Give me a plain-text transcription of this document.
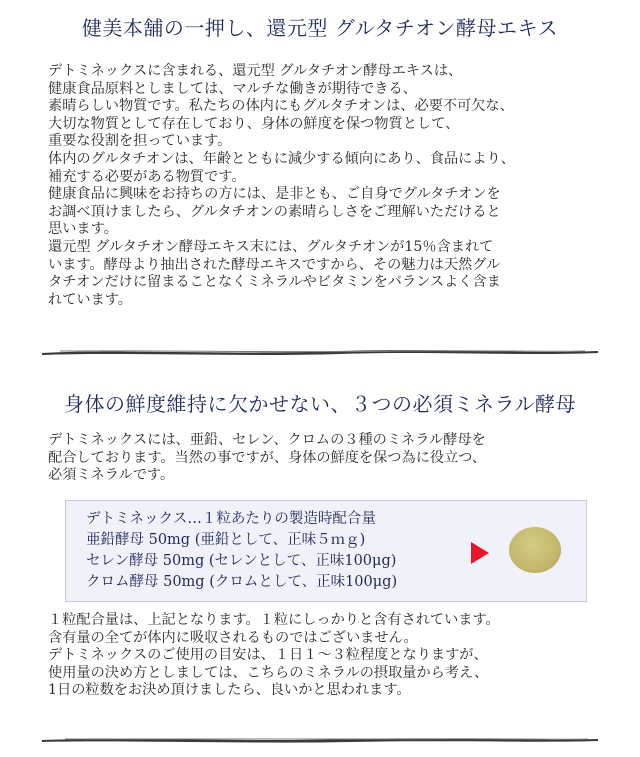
健美本舗の一押し、還元型 グルタチオン酵母エキス
デトミネックスに含まれる、還元型 グルタチオン酵母エキスは、
健康食品原料としましては、マルチな働きが期待できる、
素晴らしい物質です。私たちの体内にもグルタチオンは、必要不可欠な、
大切な物質として存在しており、身体の鮮度を保つ物質として、
重要な役割を担っています。
体内のグルタチオンは、年齢とともに減少する傾向にあり、食品により、
補充する必要がある物質です。
健康食品に興味をお持ちの方には、是非とも、ご自身でグルタチオンを
お調べ頂けましたら、グルタチオンの素晴らしさをご理解いただけると
思います。
還元型 グルタチオン酵母エキス末には、グルタチオンが15％含まれて
います。酵母より抽出された酵母エキスですから、その魅力は天然グル
タチオンだけに留まることなくミネラルやビタミンをバランスよく含ま
れています。
身体の鮮度維持に欠かせない、３つの必須ミネラル酵母
デトミネックスには、亜鉛、セレン、クロムの３種のミネラル酵母を
配合しております。当然の事ですが、身体の鮮度を保つ為に役立つ、
必須ミネラルです。
デトミネックス…１粒あたりの製造時配合量
亜鉛酵母 50mg (亜鉛として、正味５ｍｇ)
セレン酵母 50mg (セレンとして、正味100μg)
クロム酵母 50mg (クロムとして、正味100μg)
１粒配合量は、上記となります。１粒にしっかりと含有されています。
含有量の全てが体内に吸収されるものではございません。
デトミネックスのご使用の目安は、１日１～３粒程度となりますが、
使用量の決め方としましては、こちらのミネラルの摂取量から考え、
1日の粒数をお決め頂けましたら、良いかと思われます。
